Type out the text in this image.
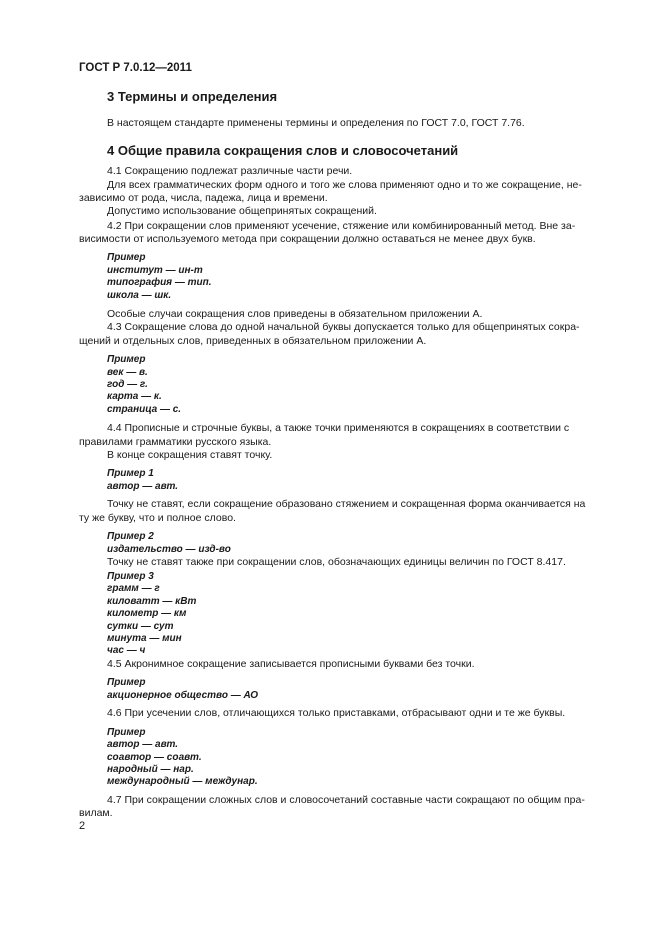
ГОСТ Р 7.0.12—2011
3 Термины и определения
В настоящем стандарте применены термины и определения по ГОСТ 7.0, ГОСТ 7.76.
4 Общие правила сокращения слов и словосочетаний
4.1 Сокращению подлежат различные части речи.
Для всех грамматических форм одного и того же слова применяют одно и то же сокращение, не-
зависимо от рода, числа, падежа, лица и времени.
Допустимо использование общепринятых сокращений.
4.2 При сокращении слов применяют усечение, стяжение или комбинированный метод. Вне за-
висимости от используемого метода при сокращении должно оставаться не менее двух букв.
Пример
институт — ин-т
типография — тип.
школа — шк.
Особые случаи сокращения слов приведены в обязательном приложении А.
4.3 Сокращение слова до одной начальной буквы допускается только для общепринятых сокра-
щений и отдельных слов, приведенных в обязательном приложении А.
Пример
век — в.
год — г.
карта — к.
страница — с.
4.4 Прописные и строчные буквы, а также точки применяются в сокращениях в соответствии с
правилами грамматики русского языка.
В конце сокращения ставят точку.
Пример 1
автор — авт.
Точку не ставят, если сокращение образовано стяжением и сокращенная форма оканчивается на
ту же букву, что и полное слово.
Пример 2
издательство — изд-во
Точку не ставят также при сокращении слов, обозначающих единицы величин по ГОСТ 8.417.
Пример 3
грамм — г
киловатт — кВт
километр — км
сутки — сут
минута — мин
час — ч
4.5 Акронимное сокращение записывается прописными буквами без точки.
Пример
акционерное общество — АО
4.6 При усечении слов, отличающихся только приставками, отбрасывают одни и те же буквы.
Пример
автор — авт.
соавтор — соавт.
народный — нар.
международный — междунар.
4.7 При сокращении сложных слов и словосочетаний составные части сокращают по общим пра-
вилам.
2
